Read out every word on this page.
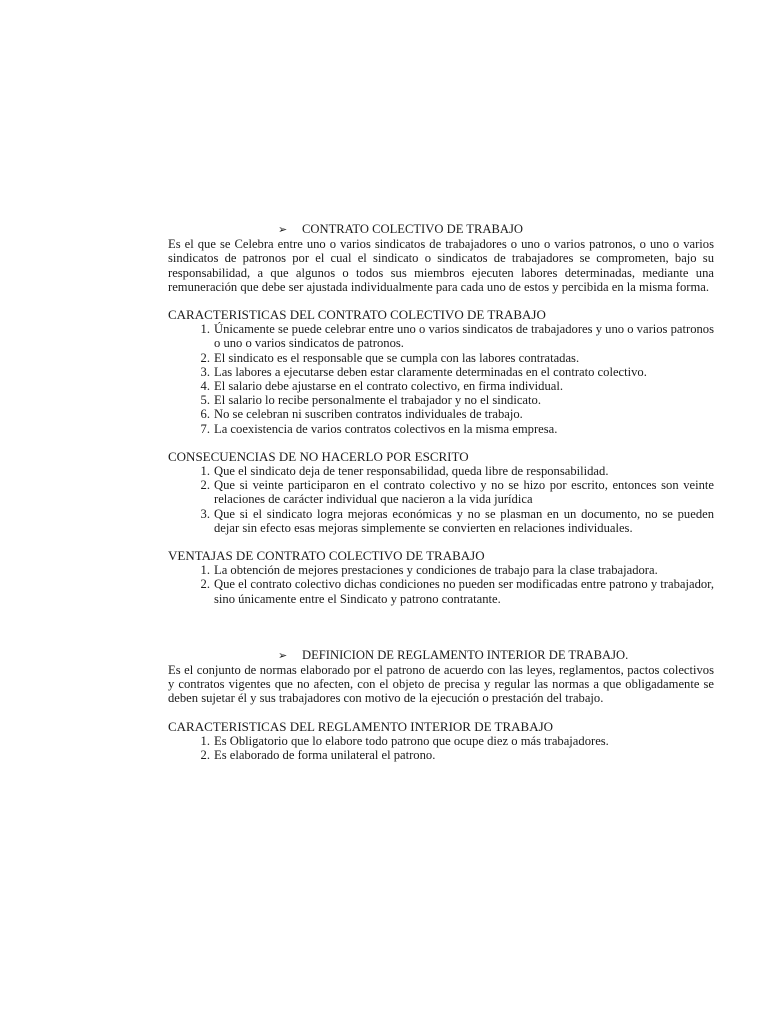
➢ CONTRATO COLECTIVO DE TRABAJO

Es el que se Celebra entre uno o varios sindicatos de trabajadores o uno o varios patronos, o uno o varios sindicatos de patronos por el cual el sindicato o sindicatos de trabajadores se comprometen, bajo su responsabilidad, a que algunos o todos sus miembros ejecuten labores determinadas, mediante una remuneración que debe ser ajustada individualmente para cada uno de estos y percibida en la misma forma.

CARACTERISTICAS DEL CONTRATO COLECTIVO DE TRABAJO

1. Únicamente se puede celebrar entre uno o varios sindicatos de trabajadores y uno o varios patronos o uno o varios sindicatos de patronos.
2. El sindicato es el responsable que se cumpla con las labores contratadas.
3. Las labores a ejecutarse deben estar claramente determinadas en el contrato colectivo.
4. El salario debe ajustarse en el contrato colectivo, en firma individual.
5. El salario lo recibe personalmente el trabajador y no el sindicato.
6. No se celebran ni suscriben contratos individuales de trabajo.
7. La coexistencia de varios contratos colectivos en la misma empresa.

CONSECUENCIAS DE NO HACERLO POR ESCRITO

1. Que el sindicato deja de tener responsabilidad, queda libre de responsabilidad.
2. Que si veinte participaron en el contrato colectivo y no se hizo por escrito, entonces son veinte relaciones de carácter individual que nacieron a la vida jurídica
3. Que si el sindicato logra mejoras económicas y no se plasman en un documento, no se pueden dejar sin efecto esas mejoras simplemente se convierten en relaciones individuales.

VENTAJAS DE CONTRATO COLECTIVO DE TRABAJO

1. La obtención de mejores prestaciones y condiciones de trabajo para la clase trabajadora.
2. Que el contrato colectivo dichas condiciones no pueden ser modificadas entre patrono y trabajador, sino únicamente entre el Sindicato y patrono contratante.

➢ DEFINICION DE REGLAMENTO INTERIOR DE TRABAJO.

Es el conjunto de normas elaborado por el patrono de acuerdo con las leyes, reglamentos, pactos colectivos y contratos vigentes que no afecten, con el objeto de precisa y regular las normas a que obligadamente se deben sujetar él y sus trabajadores con motivo de la ejecución o prestación del trabajo.

CARACTERISTICAS DEL REGLAMENTO INTERIOR DE TRABAJO

1. Es Obligatorio que lo elabore todo patrono que ocupe diez o más trabajadores.
2. Es elaborado de forma unilateral el patrono.
